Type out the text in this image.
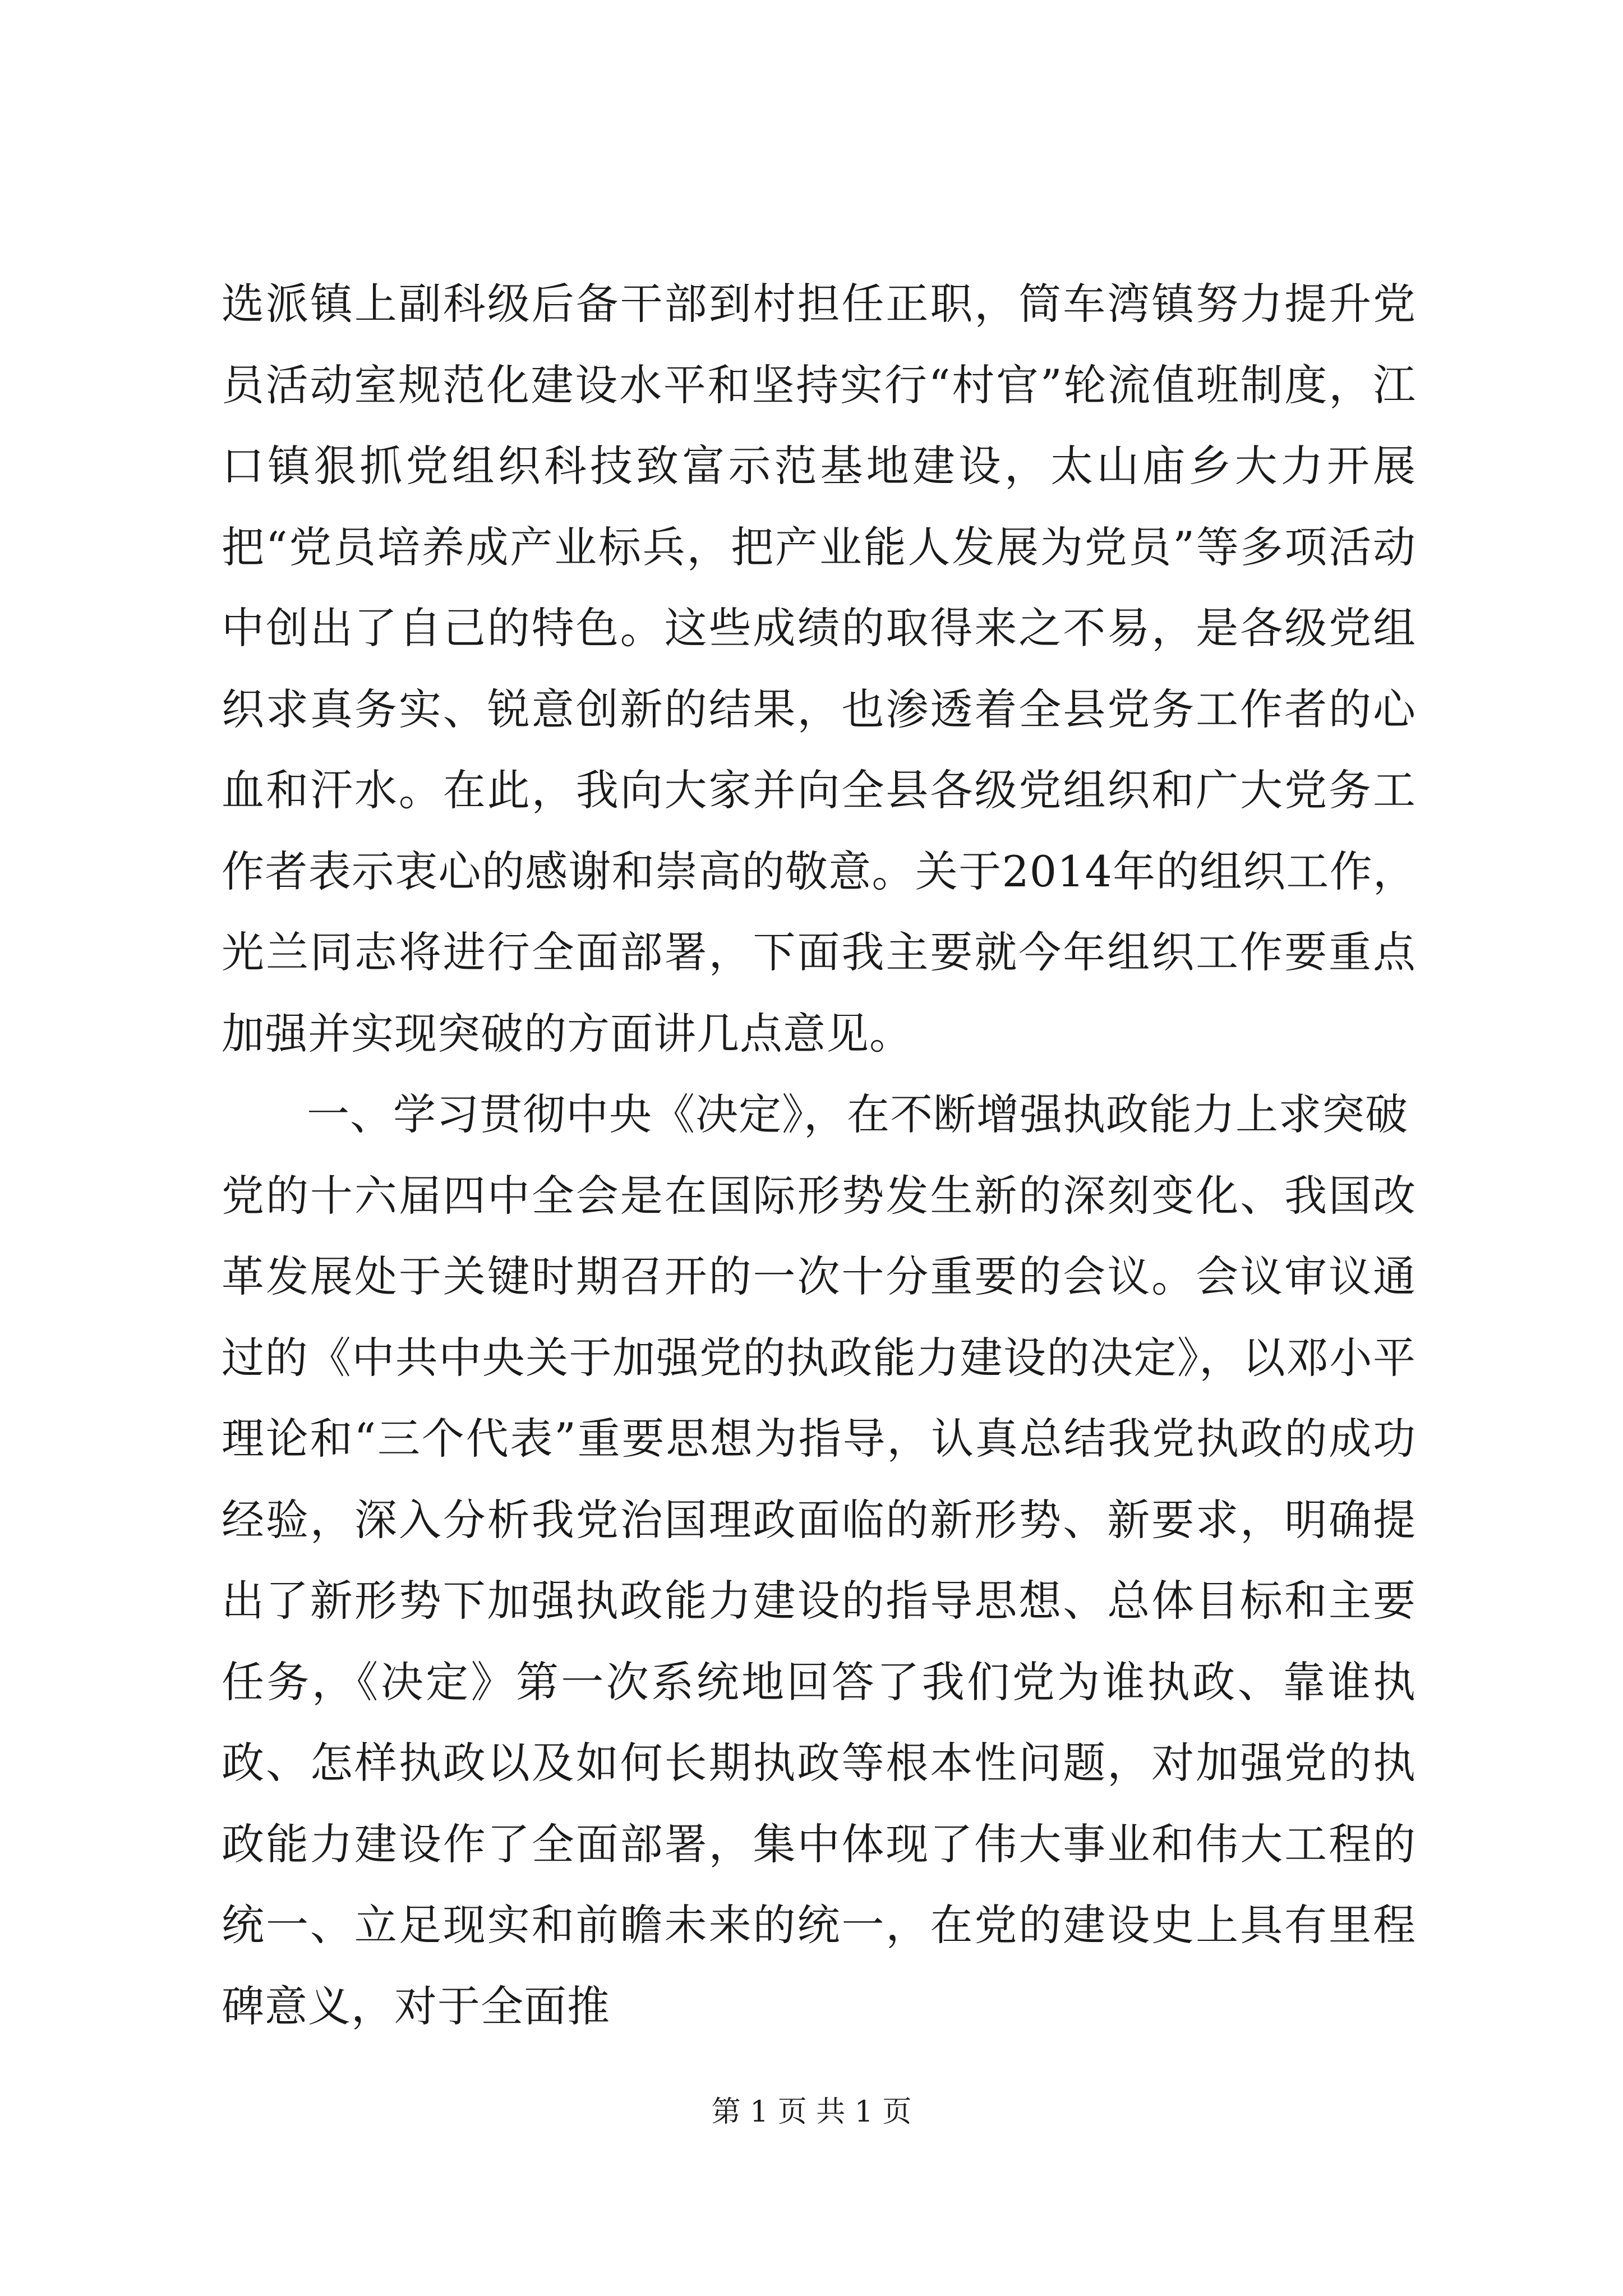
选派镇上副科级后备干部到村担任正职，筒车湾镇努力提升党员活动室规范化建设水平和坚持实行“村官”轮流值班制度，江口镇狠抓党组织科技致富示范基地建设，太山庙乡大力开展把“党员培养成产业标兵，把产业能人发展为党员”等多项活动中创出了自己的特色。这些成绩的取得来之不易，是各级党组织求真务实、锐意创新的结果，也渗透着全县党务工作者的心血和汗水。在此，我向大家并向全县各级党组织和广大党务工作者表示衷心的感谢和崇高的敬意。关于2014年的组织工作，光兰同志将进行全面部署，下面我主要就今年组织工作要重点加强并实现突破的方面讲几点意见。

一、学习贯彻中央《决定》，在不断增强执政能力上求突破

党的十六届四中全会是在国际形势发生新的深刻变化、我国改革发展处于关键时期召开的一次十分重要的会议。会议审议通过的《中共中央关于加强党的执政能力建设的决定》，以邓小平理论和“三个代表”重要思想为指导，认真总结我党执政的成功经验，深入分析我党治国理政面临的新形势、新要求，明确提出了新形势下加强执政能力建设的指导思想、总体目标和主要任务，《决定》第一次系统地回答了我们党为谁执政、靠谁执政、怎样执政以及如何长期执政等根本性问题，对加强党的执政能力建设作了全面部署，集中体现了伟大事业和伟大工程的统一、立足现实和前瞻未来的统一，在党的建设史上具有里程碑意义，对于全面推

第 1 页 共 1 页
